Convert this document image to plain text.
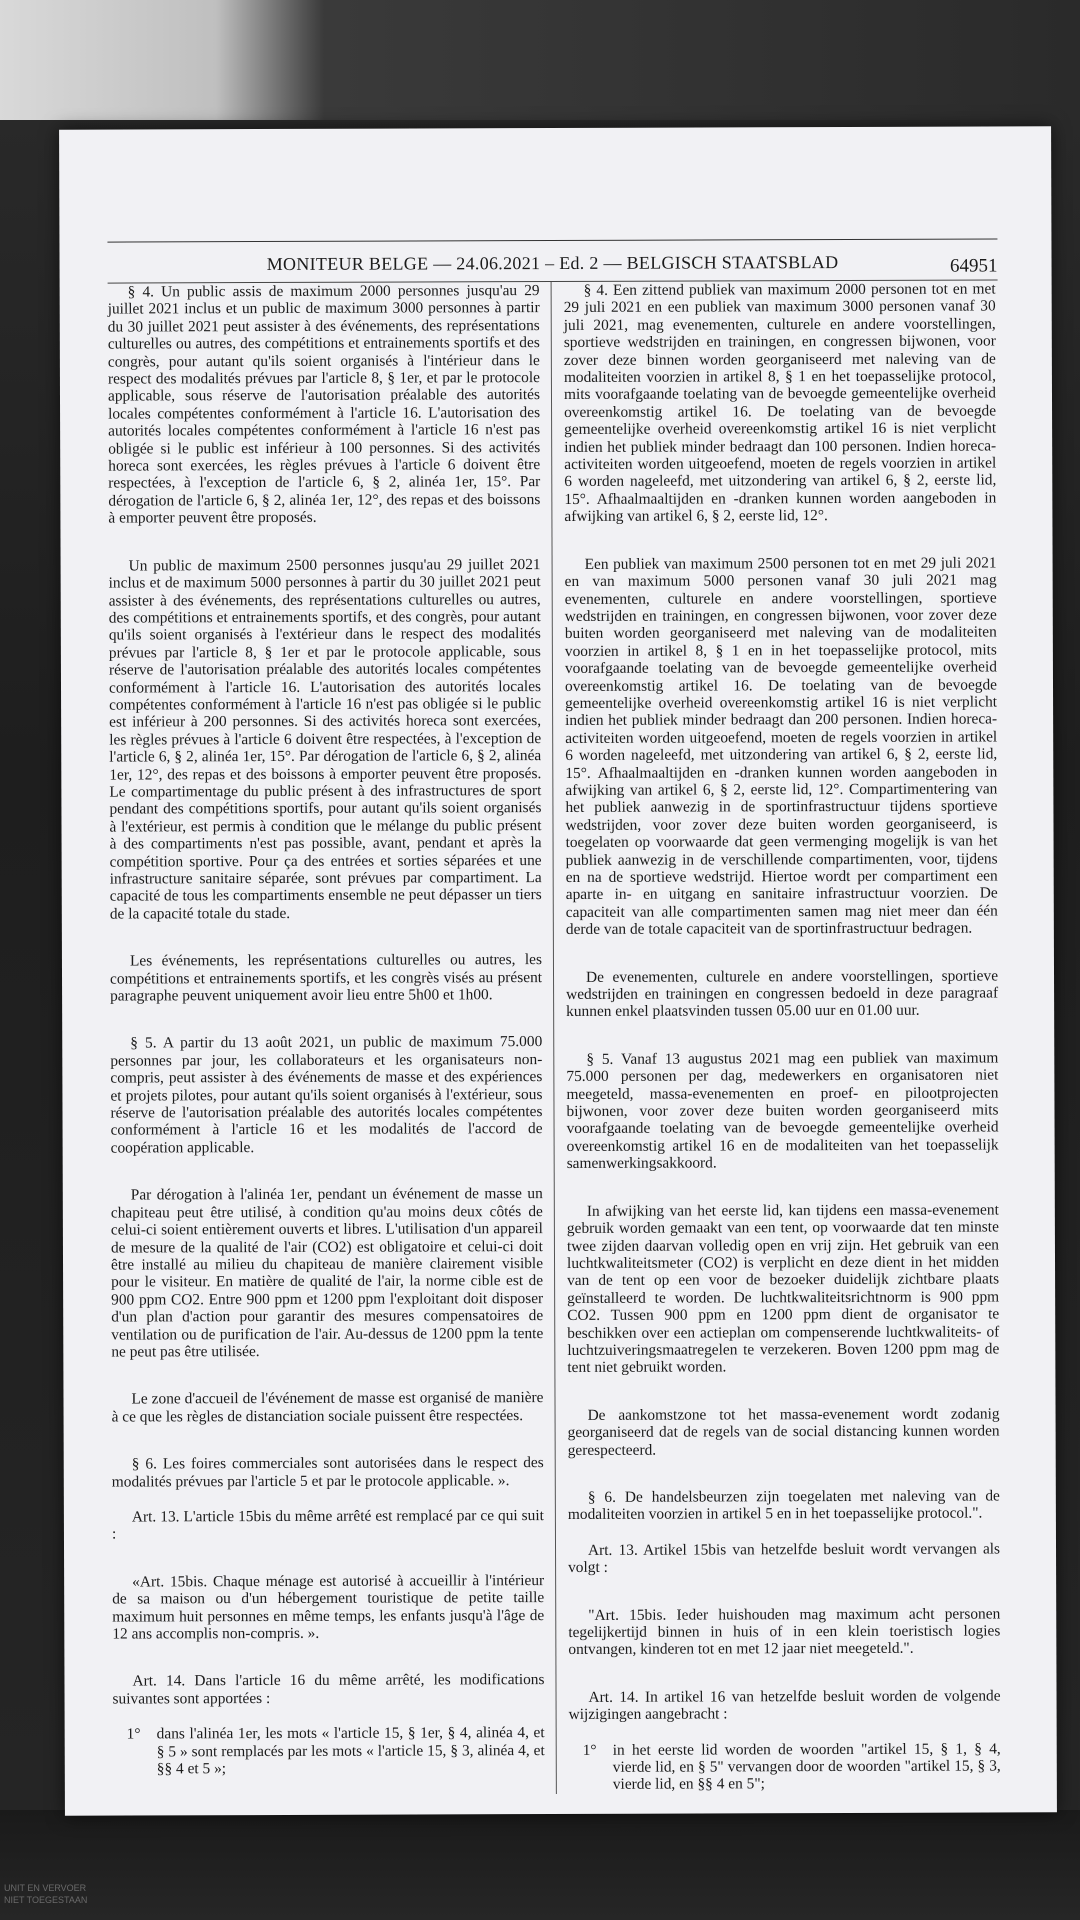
UNIT EN VERVOER
NIET TOEGESTAAN
MONITEUR BELGE — 24.06.2021 – Ed. 2 — BELGISCH STAATSBLAD	64951

§ 4. Un public assis de maximum 2000 personnes jusqu'au 29 juillet 2021 inclus et un public de maximum 3000 personnes à partir du 30 juillet 2021 peut assister à des événements, des représentations culturelles ou autres, des compétitions et entrainements sportifs et des congrès, pour autant qu'ils soient organisés à l'intérieur dans le respect des modalités prévues par l'article 8, § 1er, et par le protocole applicable, sous réserve de l'autorisation préalable des autorités locales compétentes conformément à l'article 16. L'autorisation des autorités locales compétentes conformément à l'article 16 n'est pas obligée si le public est inférieur à 100 personnes. Si des activités horeca sont exercées, les règles prévues à l'article 6 doivent être respectées, à l'exception de l'article 6, § 2, alinéa 1er, 15°. Par dérogation de l'article 6, § 2, alinéa 1er, 12°, des repas et des boissons à emporter peuvent être proposés.

Un public de maximum 2500 personnes jusqu'au 29 juillet 2021 inclus et de maximum 5000 personnes à partir du 30 juillet 2021 peut assister à des événements, des représentations culturelles ou autres, des compétitions et entrainements sportifs, et des congrès, pour autant qu'ils soient organisés à l'extérieur dans le respect des modalités prévues par l'article 8, § 1er et par le protocole applicable, sous réserve de l'autorisation préalable des autorités locales compétentes conformément à l'article 16. L'autorisation des autorités locales compétentes conformément à l'article 16 n'est pas obligée si le public est inférieur à 200 personnes. Si des activités horeca sont exercées, les règles prévues à l'article 6 doivent être respectées, à l'exception de l'article 6, § 2, alinéa 1er, 15°. Par dérogation de l'article 6, § 2, alinéa 1er, 12°, des repas et des boissons à emporter peuvent être proposés. Le compartimentage du public présent à des infrastructures de sport pendant des compétitions sportifs, pour autant qu'ils soient organisés à l'extérieur, est permis à condition que le mélange du public présent à des compartiments n'est pas possible, avant, pendant et après la compétition sportive. Pour ça des entrées et sorties séparées et une infrastructure sanitaire séparée, sont prévues par compartiment. La capacité de tous les compartiments ensemble ne peut dépasser un tiers de la capacité totale du stade.

Les événements, les représentations culturelles ou autres, les compétitions et entrainements sportifs, et les congrès visés au présent paragraphe peuvent uniquement avoir lieu entre 5h00 et 1h00.

§ 5. A partir du 13 août 2021, un public de maximum 75.000 personnes par jour, les collaborateurs et les organisateurs non-compris, peut assister à des événements de masse et des expériences et projets pilotes, pour autant qu'ils soient organisés à l'extérieur, sous réserve de l'autorisation préalable des autorités locales compétentes conformément à l'article 16 et les modalités de l'accord de coopération applicable.

Par dérogation à l'alinéa 1er, pendant un événement de masse un chapiteau peut être utilisé, à condition qu'au moins deux côtés de celui-ci soient entièrement ouverts et libres. L'utilisation d'un appareil de mesure de la qualité de l'air (CO2) est obligatoire et celui-ci doit être installé au milieu du chapiteau de manière clairement visible pour le visiteur. En matière de qualité de l'air, la norme cible est de 900 ppm CO2. Entre 900 ppm et 1200 ppm l'exploitant doit disposer d'un plan d'action pour garantir des mesures compensatoires de ventilation ou de purification de l'air. Au-dessus de 1200 ppm la tente ne peut pas être utilisée.

Le zone d'accueil de l'événement de masse est organisé de manière à ce que les règles de distanciation sociale puissent être respectées.

§ 6. Les foires commerciales sont autorisées dans le respect des modalités prévues par l'article 5 et par le protocole applicable. ».

Art. 13. L'article 15bis du même arrêté est remplacé par ce qui suit :

«Art. 15bis. Chaque ménage est autorisé à accueillir à l'intérieur de sa maison ou d'un hébergement touristique de petite taille maximum huit personnes en même temps, les enfants jusqu'à l'âge de 12 ans accomplis non-compris. ».

Art. 14. Dans l'article 16 du même arrêté, les modifications suivantes sont apportées :

1°	dans l'alinéa 1er, les mots « l'article 15, § 1er, § 4, alinéa 4, et § 5 » sont remplacés par les mots « l'article 15, § 3, alinéa 4, et §§ 4 et 5 »;

§ 4. Een zittend publiek van maximum 2000 personen tot en met 29 juli 2021 en een publiek van maximum 3000 personen vanaf 30 juli 2021, mag evenementen, culturele en andere voorstellingen, sportieve wedstrijden en trainingen, en congressen bijwonen, voor zover deze binnen worden georganiseerd met naleving van de modaliteiten voorzien in artikel 8, § 1 en het toepasselijke protocol, mits voorafgaande toelating van de bevoegde gemeentelijke overheid overeenkomstig artikel 16. De toelating van de bevoegde gemeentelijke overheid overeenkomstig artikel 16 is niet verplicht indien het publiek minder bedraagt dan 100 personen. Indien horeca-activiteiten worden uitgeoefend, moeten de regels voorzien in artikel 6 worden nageleefd, met uitzondering van artikel 6, § 2, eerste lid, 15°. Afhaalmaaltijden en -dranken kunnen worden aangeboden in afwijking van artikel 6, § 2, eerste lid, 12°.

Een publiek van maximum 2500 personen tot en met 29 juli 2021 en van maximum 5000 personen vanaf 30 juli 2021 mag evenementen, culturele en andere voorstellingen, sportieve wedstrijden en trainingen, en congressen bijwonen, voor zover deze buiten worden georganiseerd met naleving van de modaliteiten voorzien in artikel 8, § 1 en in het toepasselijke protocol, mits voorafgaande toelating van de bevoegde gemeentelijke overheid overeenkomstig artikel 16. De toelating van de bevoegde gemeentelijke overheid overeenkomstig artikel 16 is niet verplicht indien het publiek minder bedraagt dan 200 personen. Indien horeca-activiteiten worden uitgeoefend, moeten de regels voorzien in artikel 6 worden nageleefd, met uitzondering van artikel 6, § 2, eerste lid, 15°. Afhaalmaaltijden en -dranken kunnen worden aangeboden in afwijking van artikel 6, § 2, eerste lid, 12°. Compartimentering van het publiek aanwezig in de sportinfrastructuur tijdens sportieve wedstrijden, voor zover deze buiten worden georganiseerd, is toegelaten op voorwaarde dat geen vermenging mogelijk is van het publiek aanwezig in de verschillende compartimenten, voor, tijdens en na de sportieve wedstrijd. Hiertoe wordt per compartiment een aparte in- en uitgang en sanitaire infrastructuur voorzien. De capaciteit van alle compartimenten samen mag niet meer dan één derde van de totale capaciteit van de sportinfrastructuur bedragen.

De evenementen, culturele en andere voorstellingen, sportieve wedstrijden en trainingen en congressen bedoeld in deze paragraaf kunnen enkel plaatsvinden tussen 05.00 uur en 01.00 uur.

§ 5. Vanaf 13 augustus 2021 mag een publiek van maximum 75.000 personen per dag, medewerkers en organisatoren niet meegeteld, massa-evenementen en proef- en pilootprojecten bijwonen, voor zover deze buiten worden georganiseerd mits voorafgaande toelating van de bevoegde gemeentelijke overheid overeenkomstig artikel 16 en de modaliteiten van het toepasselijk samenwerkingsakkoord.

In afwijking van het eerste lid, kan tijdens een massa-evenement gebruik worden gemaakt van een tent, op voorwaarde dat ten minste twee zijden daarvan volledig open en vrij zijn. Het gebruik van een luchtkwaliteitsmeter (CO2) is verplicht en deze dient in het midden van de tent op een voor de bezoeker duidelijk zichtbare plaats geïnstalleerd te worden. De luchtkwaliteitsrichtnorm is 900 ppm CO2. Tussen 900 ppm en 1200 ppm dient de organisator te beschikken over een actieplan om compenserende luchtkwaliteits- of luchtzuiveringsmaatregelen te verzekeren. Boven 1200 ppm mag de tent niet gebruikt worden.

De aankomstzone tot het massa-evenement wordt zodanig georganiseerd dat de regels van de social distancing kunnen worden gerespecteerd.

§ 6. De handelsbeurzen zijn toegelaten met naleving van de modaliteiten voorzien in artikel 5 en in het toepasselijke protocol.".

Art. 13. Artikel 15bis van hetzelfde besluit wordt vervangen als volgt :

"Art. 15bis. Ieder huishouden mag maximum acht personen tegelijkertijd binnen in huis of in een klein toeristisch logies ontvangen, kinderen tot en met 12 jaar niet meegeteld.".

Art. 14. In artikel 16 van hetzelfde besluit worden de volgende wijzigingen aangebracht :

1°	in het eerste lid worden de woorden "artikel 15, § 1, § 4, vierde lid, en § 5" vervangen door de woorden "artikel 15, § 3, vierde lid, en §§ 4 en 5";
